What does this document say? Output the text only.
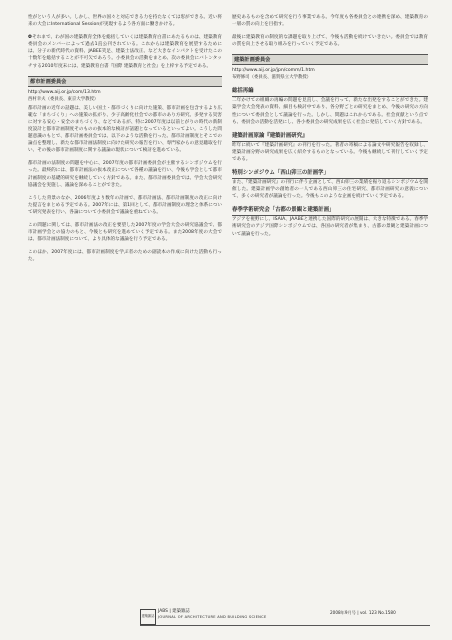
性がという人が多い。しかし、世界の国々と対応できる力を持たなくては窓ができる。近い将来の大会にInternational Sessionが実現するよう各方面に働きかける。

❹それまで、わが国の建築教育全体を総括していくは建築教育白書にあたるものは、建築教育委員会のメンバーによって過去1直公刊されている。これからは建築教育を展望するためには、分子の新代時代の資料、JABEE笑足、建築士法改正、など大きなインパクトを受けたこの十数年を総括することが不可欠であろう。小委員会の活動をまとめ、次の委員会にバトンタッチする2010年度末には、建築教育白書『国際 建築教育と社会』を上梓する予定である。

都市計画委員会

http://www.aij.or.jp/com/13.htm

西村幸夫（委員長、東京大学教授）

都市計画の近年の話題は、美しい国土・都市づくりに向けた施策、都市計画を包含するより広範な「まちづくり」への施策の拡がり、少子高齢化社会での都市のあり方研究、多発する災害に対する安心・安全のまちづくり、などであるが、特に2007年度は以前とがりの時代の新制度設計と都市計画制度そのものの抜本的な検討が話題となっているといってよい。こうした問題意識のもとで、都市計画委員会では、以下のような活動を行った。都市計画制度とそこでの論点を整理し、新たな都市計画法制度に向けた研究の報告を行い、専門家からの意見聴取を行い、その後の都市計画制度に関する議論の現状について検討を進めている。

都市計画の法制度の問題を中心に、2007年度の都市計画委員会が主催するシンポジウムを行った。最終的には、都市計画法の抜本改正について各種の議論を行い、今後も学会として都市計画制度の基礎的研究を継続していく方針である。また、都市計画委員会では、学会大会研究協議会を実施し、議論を深めることができた。

こうした背景のなか、2006年度より数年の計画で、都市計画法、都市計画制度の改正に向けた提言をまとめる予定である。2007年には、第1回として、都市計画制度の理念と体系について研究発表を行い、各論について小委員会で議論を重ねている。

この問題に関しては、都市計画法の改正を要望した2007年度の学会大会の研究協議会で、都市計画学会との協力のもと、今後とも研究を進めていく予定である。また2008年度の大会では、都市計画法制度について、より具体的な議論を行う予定である。

このほか、2007年度には、都市計画制度を学ぶ者のための副読本の作成に向けた活動も行った。

歴史あるものを含めて研究を行う事業である。今年度も各委員会との連携を深め、建築教育の一層の質の向上を目指す。

最後に建築教育の制度的な課題を取り上げて、今後も活動を続けていきたい。委員会では教育の質を向上させる取り組みを行っていく予定である。

建築計画委員会

http://www.aij.or.jp/jpn/comm/1.htm

布野修司（委員長、滋賀県立大学教授）

総括再編

二年かけての組織の再編の問題を見直し、会議を行って、新たな出発をすることができた。建築学会大会発表の資料、細目も検討中であり、各分野ごとの研究をまとめ、今後の研究の方向性について委員会として議論を行った。しかし、問題はこれからである。社会貢献という点でも、委員会の活動を活発にし、各小委員会の研究成果を広く社会に発信していく方針である。

建築計画原論『建築計画研究』

昨年に続いて『建築計画研究』の刊行を行った。著者の寄稿による論文や研究報告を収録し、建築計画分野の研究成果を広く紹介するものとなっている。今後も継続して刊行していく予定である。

特別シンポジウム「西山卯三の計画学」

また、『建築計画研究』の刊行に伴う企画として、西山卯三の業績を振り返るシンポジウムを開催した。建築計画学の創始者の一人である西山卯三の住宅研究、都市計画研究の意義について、多くの研究者が議論を行った。今後もこのような企画を続けていく予定である。

春季学術研究会「古都の景観と建築計画」

アジアを視野にし、ISAIA、JAABEと連携した国際的研究の展開は、大きな特徴である。春季学術研究会のアジア国際シンポジウムでは、各国の研究者が集まり、古都の景観と建築計画について議論を行った。

建築雑誌
JABS | 建築雑誌
JOURNAL OF ARCHITECTURE AND BUILDING SCIENCE
2008年9月号 | vol. 123 No.1580
